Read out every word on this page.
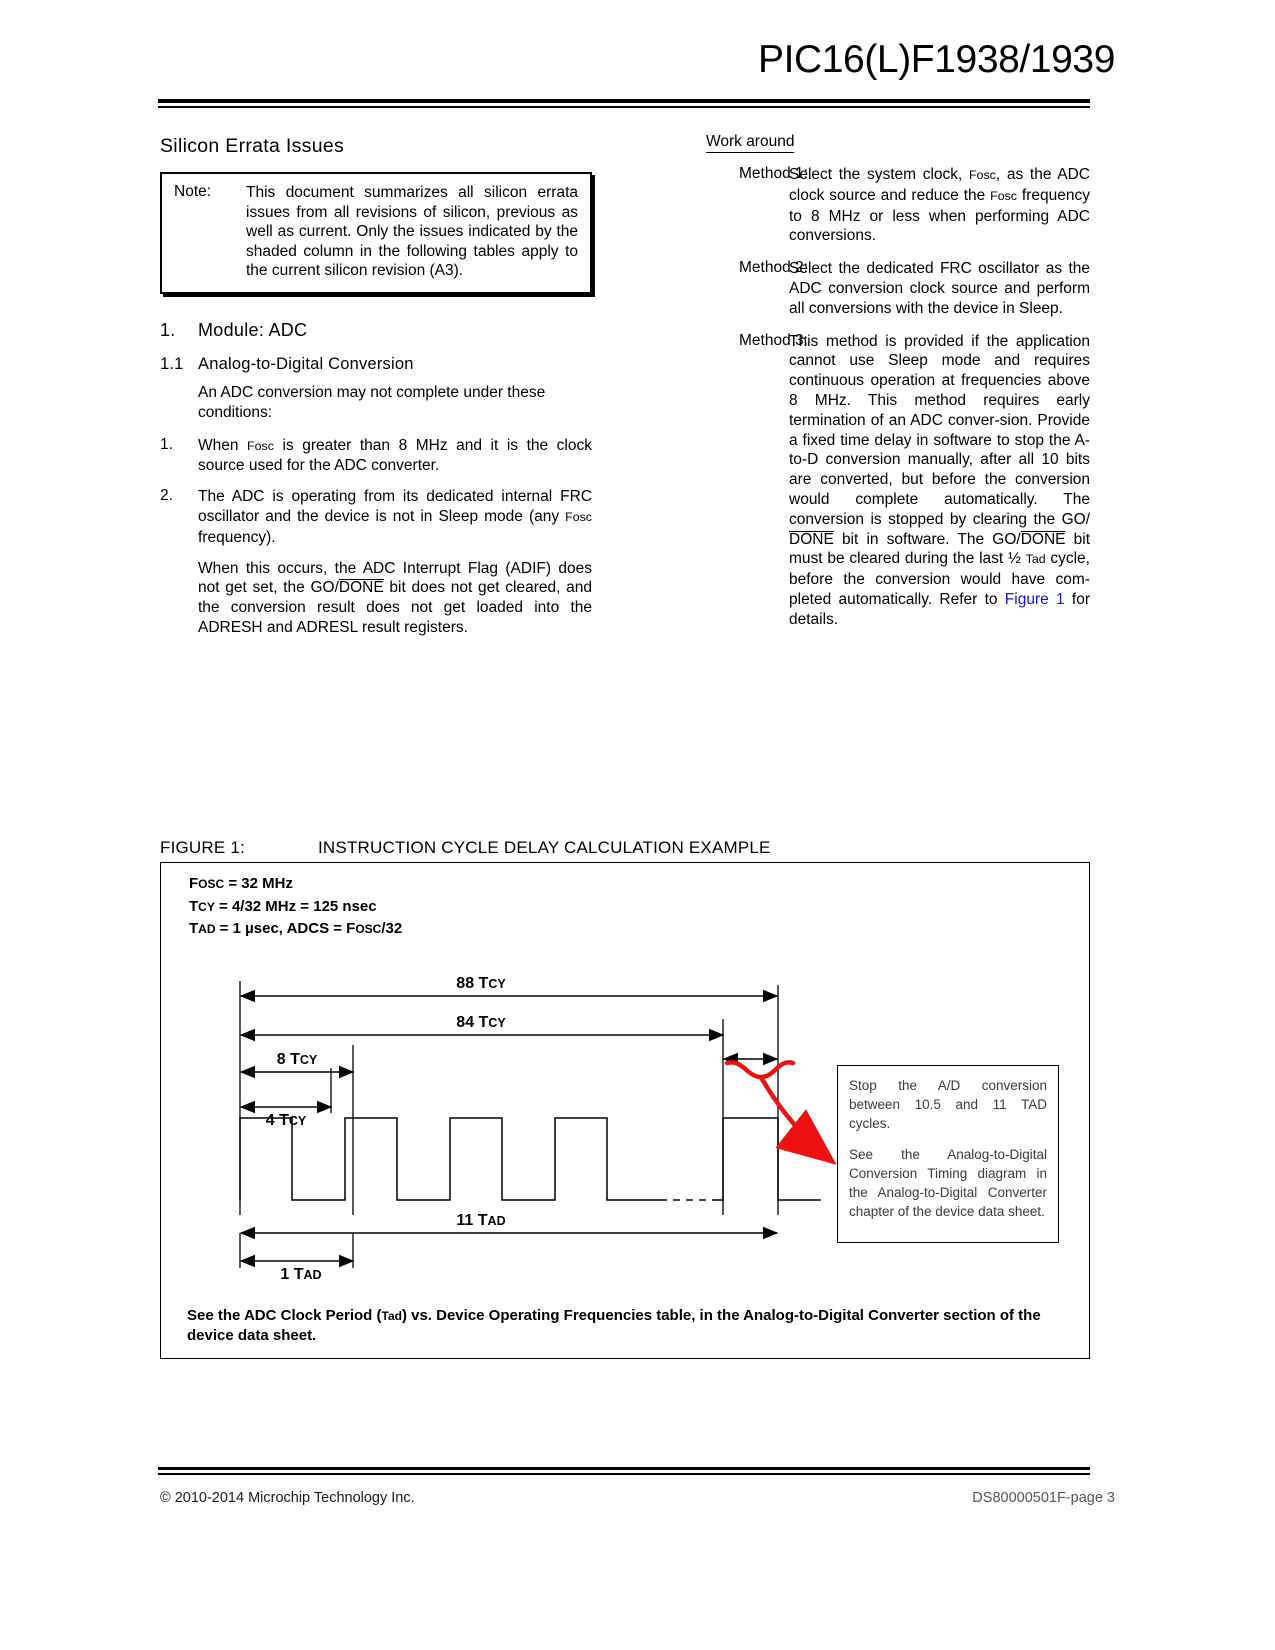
PIC16(L)F1938/1939
Silicon Errata Issues
Note:	This document summarizes all silicon errata issues from all revisions of silicon, previous as well as current. Only the issues indicated by the shaded column in the following tables apply to the current silicon revision (A3).
1.	Module: ADC
1.1 Analog-to-Digital Conversion
An ADC conversion may not complete under these conditions:
1.	When Fosc is greater than 8 MHz and it is the clock source used for the ADC converter.
2.	The ADC is operating from its dedicated internal FRC oscillator and the device is not in Sleep mode (any Fosc frequency).
When this occurs, the ADC Interrupt Flag (ADIF) does not get set, the GO/DONE bit does not get cleared, and the conversion result does not get loaded into the ADRESH and ADRESL result registers.
Work around
Method 1:
Select the system clock, Fosc, as the ADC clock source and reduce the Fosc frequency to 8 MHz or less when performing ADC conversions.
Method 2:
Select the dedicated FRC oscillator as the ADC conversion clock source and perform all conversions with the device in Sleep.
Method 3:
This method is provided if the application cannot use Sleep mode and requires continuous operation at frequencies above 8 MHz. This method requires early termination of an ADC conver-sion. Provide a fixed time delay in software to stop the A-to-D conversion manually, after all 10 bits are converted, but before the conversion would complete automatically. The conversion is stopped by clearing the GO/DONE bit in software. The GO/DONE bit must be cleared during the last ½ Tad cycle, before the conversion would have com-pleted automatically. Refer to Figure 1 for details.
FIGURE 1:	INSTRUCTION CYCLE DELAY CALCULATION EXAMPLE
FOSC = 32 MHz
TCY = 4/32 MHz = 125 nsec
TAD = 1 µsec, ADCS = FOSC/32
88 TCY
84 TCY
8 TCY
4 TCY
11 TAD
1 TAD
Stop the A/D conversion between 10.5 and 11 TAD cycles.
See the Analog-to-Digital Conversion Timing diagram in the Analog-to-Digital Converter chapter of the device data sheet.
See the ADC Clock Period (Tad) vs. Device Operating Frequencies table, in the Analog-to-Digital Converter section of the device data sheet.
© 2010-2014 Microchip Technology Inc.	DS80000501F-page 3
